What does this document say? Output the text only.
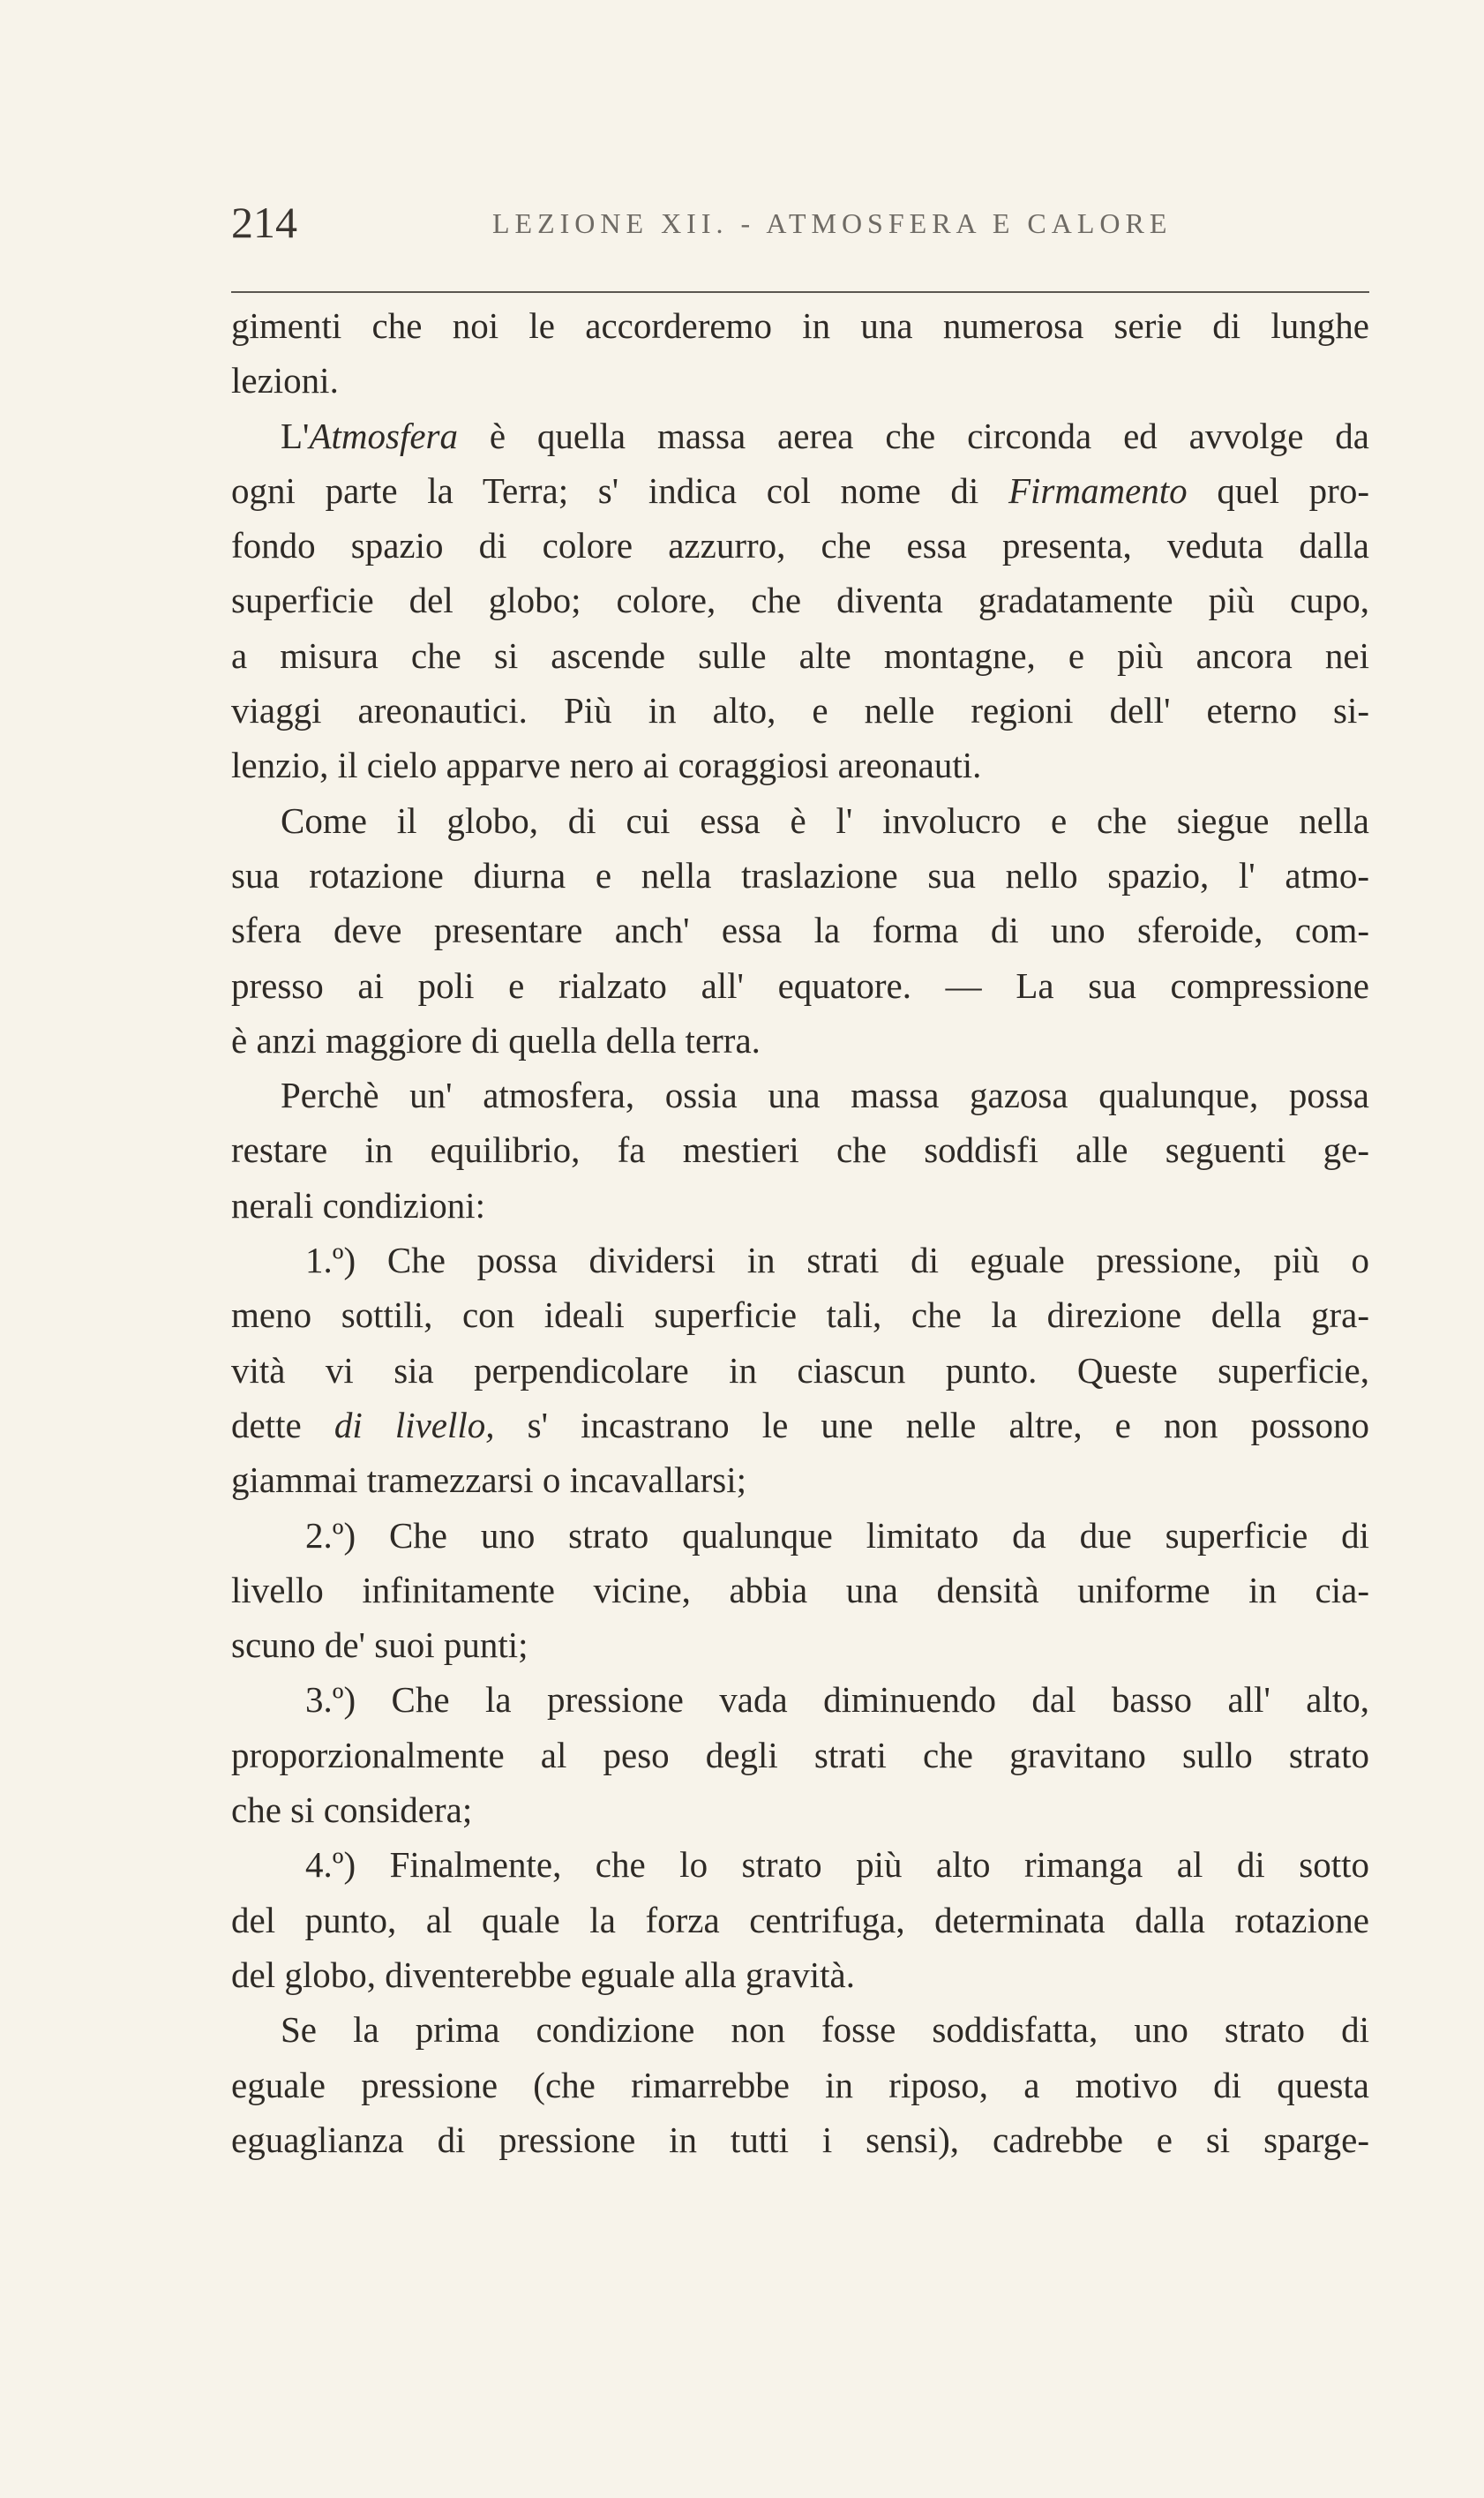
214	LEZIONE XII. - ATMOSFERA E CALORE
gimenti che noi le accorderemo in una numerosa serie di lunghe
lezioni.
L'Atmosfera è quella massa aerea che circonda ed avvolge da
ogni parte la Terra; s' indica col nome di Firmamento quel pro-
fondo spazio di colore azzurro, che essa presenta, veduta dalla
superficie del globo; colore, che diventa gradatamente più cupo,
a misura che si ascende sulle alte montagne, e più ancora nei
viaggi areonautici. Più in alto, e nelle regioni dell' eterno si-
lenzio, il cielo apparve nero ai coraggiosi areonauti.
Come il globo, di cui essa è l' involucro e che siegue nella
sua rotazione diurna e nella traslazione sua nello spazio, l' atmo-
sfera deve presentare anch' essa la forma di uno sferoide, com-
presso ai poli e rialzato all' equatore. — La sua compressione
è anzi maggiore di quella della terra.
Perchè un' atmosfera, ossia una massa gazosa qualunque, possa
restare in equilibrio, fa mestieri che soddisfi alle seguenti ge-
nerali condizioni:
1.º) Che possa dividersi in strati di eguale pressione, più o
meno sottili, con ideali superficie tali, che la direzione della gra-
vità vi sia perpendicolare in ciascun punto. Queste superficie,
dette di livello, s' incastrano le une nelle altre, e non possono
giammai tramezzarsi o incavallarsi;
2.º) Che uno strato qualunque limitato da due superficie di
livello infinitamente vicine, abbia una densità uniforme in cia-
scuno de' suoi punti;
3.º) Che la pressione vada diminuendo dal basso all' alto,
proporzionalmente al peso degli strati che gravitano sullo strato
che si considera;
4.º) Finalmente, che lo strato più alto rimanga al di sotto
del punto, al quale la forza centrifuga, determinata dalla rotazione
del globo, diventerebbe eguale alla gravità.
Se la prima condizione non fosse soddisfatta, uno strato di
eguale pressione (che rimarrebbe in riposo, a motivo di questa
eguaglianza di pressione in tutti i sensi), cadrebbe e si sparge-
